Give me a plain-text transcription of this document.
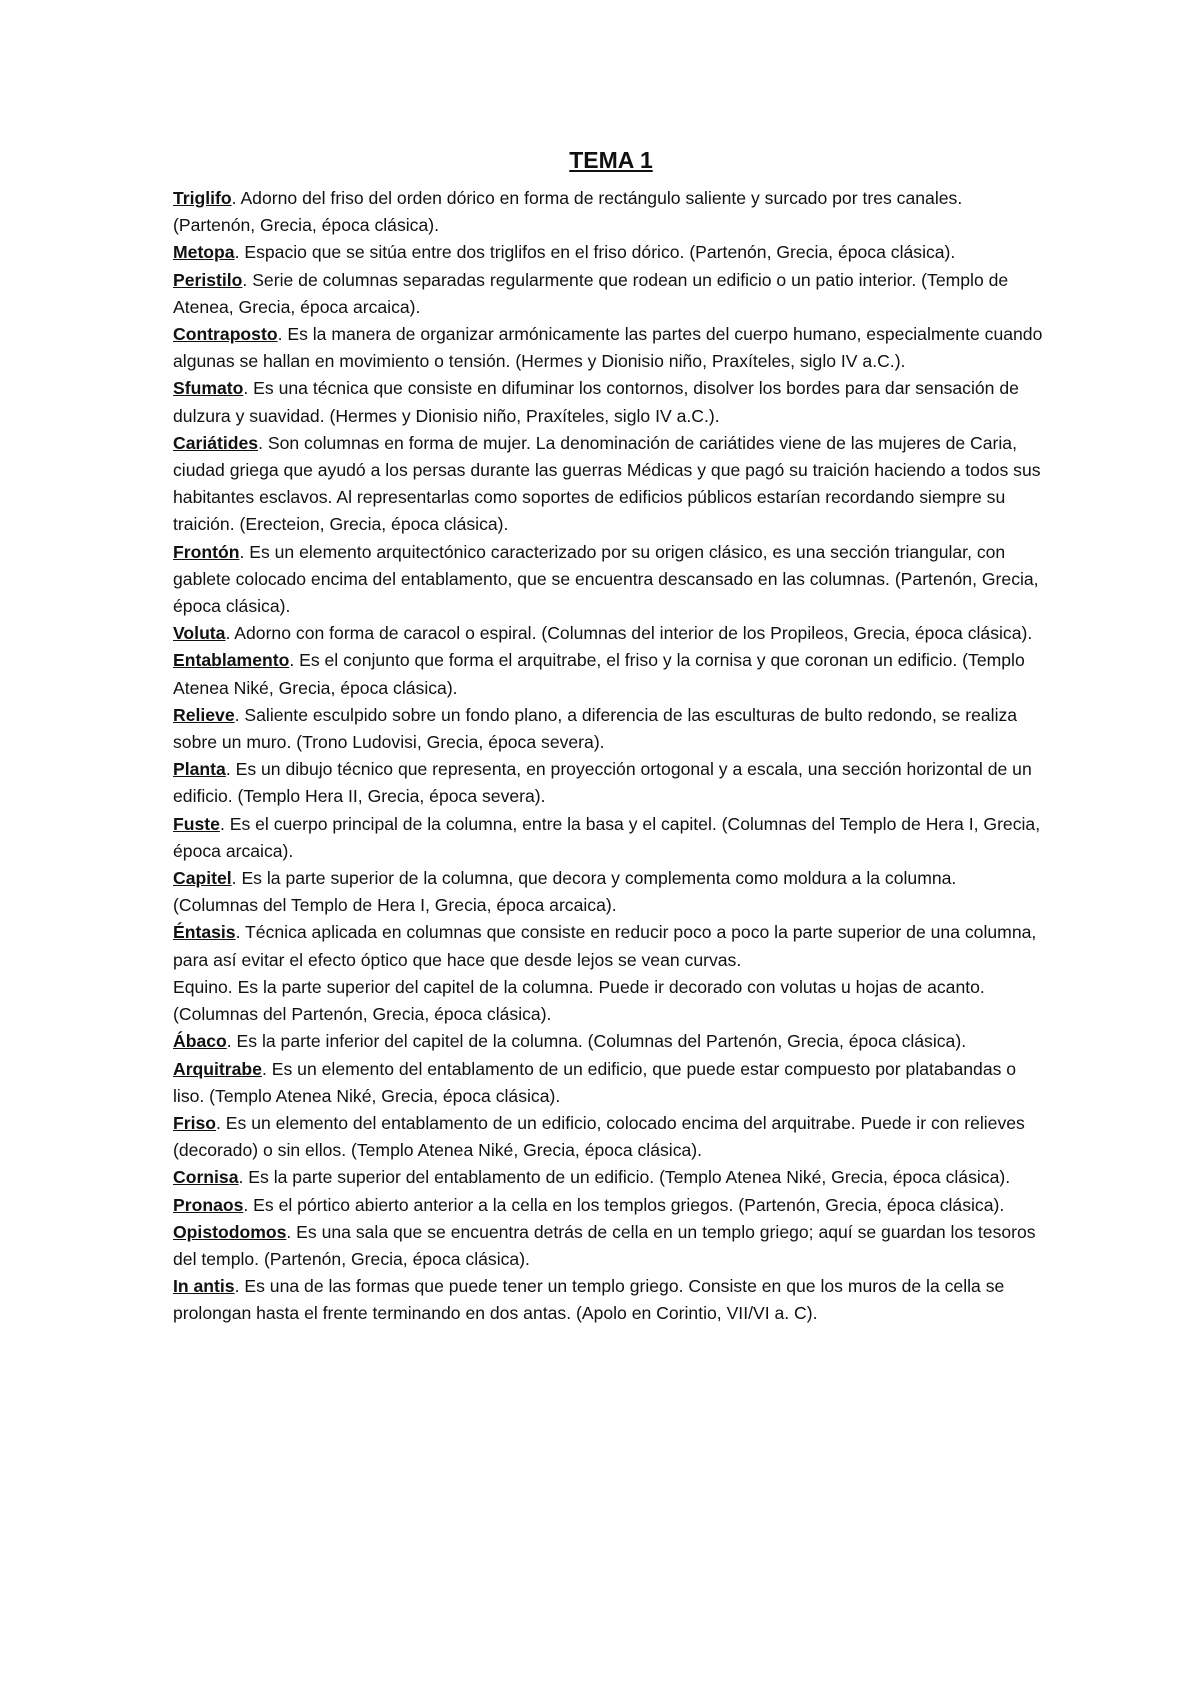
TEMA 1

Triglifo. Adorno del friso del orden dórico en forma de rectángulo saliente y surcado por tres canales. (Partenón, Grecia, época clásica).

Metopa. Espacio que se sitúa entre dos triglifos en el friso dórico. (Partenón, Grecia, época clásica).

Peristilo. Serie de columnas separadas regularmente que rodean un edificio o un patio interior. (Templo de Atenea, Grecia, época arcaica).

Contraposto. Es la manera de organizar armónicamente las partes del cuerpo humano, especialmente cuando algunas se hallan en movimiento o tensión. (Hermes y Dionisio niño, Praxíteles, siglo IV a.C.).

Sfumato. Es una técnica que consiste en difuminar los contornos, disolver los bordes para dar sensación de dulzura y suavidad. (Hermes y Dionisio niño, Praxíteles, siglo IV a.C.).

Cariátides. Son columnas en forma de mujer. La denominación de cariátides viene de las mujeres de Caria, ciudad griega que ayudó a los persas durante las guerras Médicas y que pagó su traición haciendo a todos sus habitantes esclavos. Al representarlas como soportes de edificios públicos estarían recordando siempre su traición. (Erecteion, Grecia, época clásica).

Frontón. Es un elemento arquitectónico caracterizado por su origen clásico, es una sección triangular, con gablete colocado encima del entablamento, que se encuentra descansado en las columnas. (Partenón, Grecia, época clásica).

Voluta. Adorno con forma de caracol o espiral. (Columnas del interior de los Propileos, Grecia, época clásica).

Entablamento. Es el conjunto que forma el arquitrabe, el friso y la cornisa y que coronan un edificio. (Templo Atenea Niké, Grecia, época clásica).

Relieve. Saliente esculpido sobre un fondo plano, a diferencia de las esculturas de bulto redondo, se realiza sobre un muro. (Trono Ludovisi, Grecia, época severa).

Planta. Es un dibujo técnico que representa, en proyección ortogonal y a escala, una sección horizontal de un edificio. (Templo Hera II, Grecia, época severa).

Fuste. Es el cuerpo principal de la columna, entre la basa y el capitel. (Columnas del Templo de Hera I, Grecia, época arcaica).

Capitel. Es la parte superior de la columna, que decora y complementa como moldura a la columna. (Columnas del Templo de Hera I, Grecia, época arcaica).

Éntasis. Técnica aplicada en columnas que consiste en reducir poco a poco la parte superior de una columna, para así evitar el efecto óptico que hace que desde lejos se vean curvas.

Equino. Es la parte superior del capitel de la columna. Puede ir decorado con volutas u hojas de acanto. (Columnas del Partenón, Grecia, época clásica).

Ábaco. Es la parte inferior del capitel de la columna. (Columnas del Partenón, Grecia, época clásica).

Arquitrabe. Es un elemento del entablamento de un edificio, que puede estar compuesto por platabandas o liso. (Templo Atenea Niké, Grecia, época clásica).

Friso. Es un elemento del entablamento de un edificio, colocado encima del arquitrabe. Puede ir con relieves (decorado) o sin ellos. (Templo Atenea Niké, Grecia, época clásica).

Cornisa. Es la parte superior del entablamento de un edificio. (Templo Atenea Niké, Grecia, época clásica).

Pronaos. Es el pórtico abierto anterior a la cella en los templos griegos. (Partenón, Grecia, época clásica).

Opistodomos. Es una sala que se encuentra detrás de cella en un templo griego; aquí se guardan los tesoros del templo. (Partenón, Grecia, época clásica).

In antis. Es una de las formas que puede tener un templo griego. Consiste en que los muros de la cella se prolongan hasta el frente terminando en dos antas. (Apolo en Corintio, VII/VI a. C).
